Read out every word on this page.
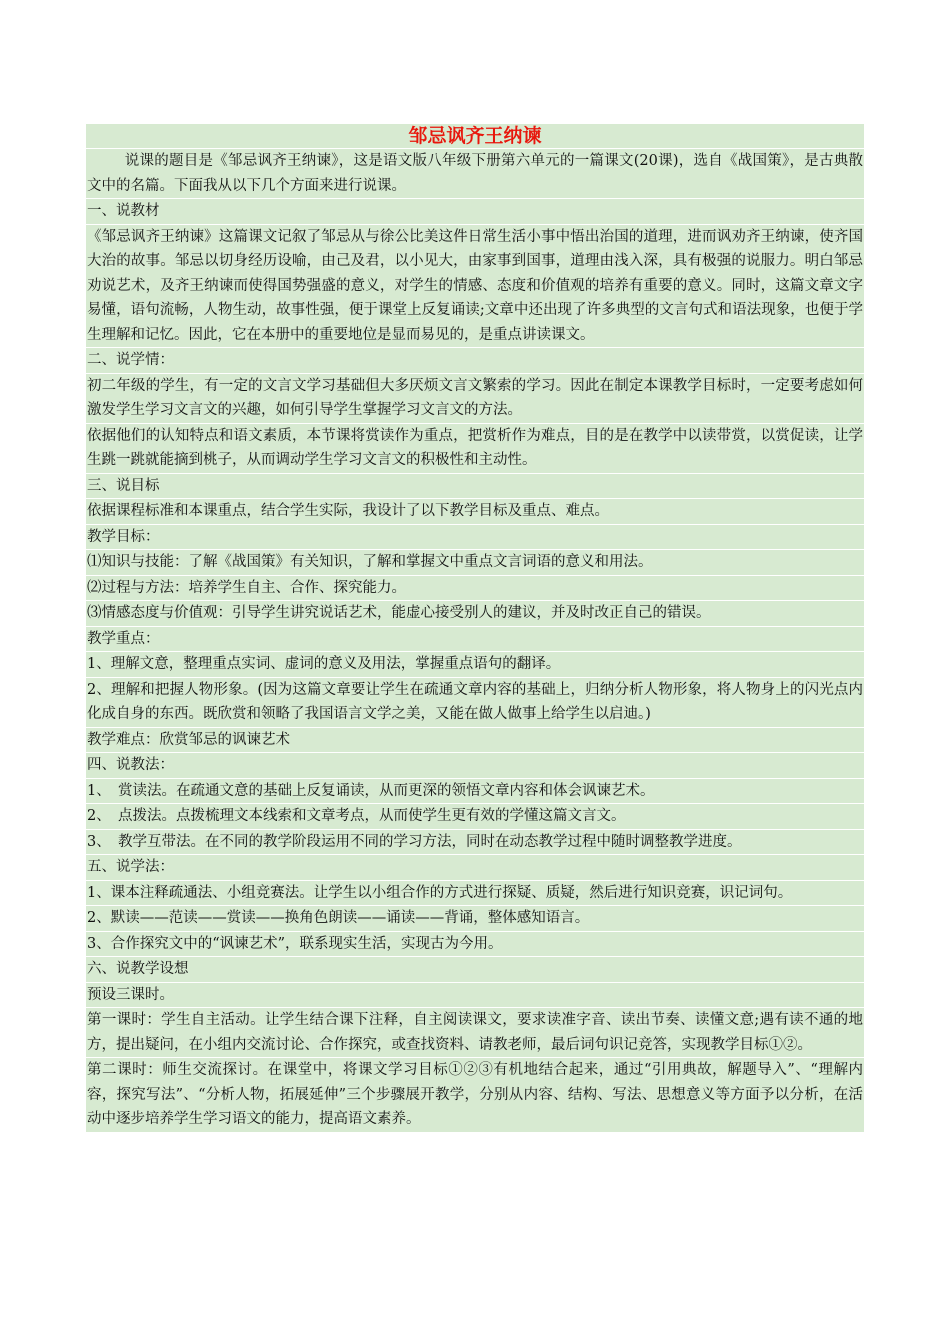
邹忌讽齐王纳谏
说课的题目是《邹忌讽齐王纳谏》，这是语文版八年级下册第六单元的一篇课文(20课)，选自《战国策》，是古典散文中的名篇。下面我从以下几个方面来进行说课。
一、说教材
《邹忌讽齐王纳谏》这篇课文记叙了邹忌从与徐公比美这件日常生活小事中悟出治国的道理，进而讽劝齐王纳谏，使齐国大治的故事。邹忌以切身经历设喻，由己及君，以小见大，由家事到国事，道理由浅入深，具有极强的说服力。明白邹忌劝说艺术，及齐王纳谏而使得国势强盛的意义，对学生的情感、态度和价值观的培养有重要的意义。同时，这篇文章文字易懂，语句流畅，人物生动，故事性强，便于课堂上反复诵读;文章中还出现了许多典型的文言句式和语法现象，也便于学生理解和记忆。因此，它在本册中的重要地位是显而易见的，是重点讲读课文。
二、说学情：
初二年级的学生，有一定的文言文学习基础但大多厌烦文言文繁索的学习。因此在制定本课教学目标时，一定要考虑如何激发学生学习文言文的兴趣，如何引导学生掌握学习文言文的方法。
依据他们的认知特点和语文素质，本节课将赏读作为重点，把赏析作为难点，目的是在教学中以读带赏，以赏促读，让学生跳一跳就能摘到桃子，从而调动学生学习文言文的积极性和主动性。
三、说目标
依据课程标准和本课重点，结合学生实际，我设计了以下教学目标及重点、难点。
教学目标：
⑴知识与技能：了解《战国策》有关知识，了解和掌握文中重点文言词语的意义和用法。
⑵过程与方法：培养学生自主、合作、探究能力。
⑶情感态度与价值观：引导学生讲究说话艺术，能虚心接受别人的建议，并及时改正自己的错误。
教学重点：
1、理解文意，整理重点实词、虚词的意义及用法，掌握重点语句的翻译。
2、理解和把握人物形象。(因为这篇文章要让学生在疏通文章内容的基础上，归纳分析人物形象，将人物身上的闪光点内化成自身的东西。既欣赏和领略了我国语言文学之美，又能在做人做事上给学生以启迪。)
教学难点：欣赏邹忌的讽谏艺术
四、说教法：
1、　赏读法。在疏通文意的基础上反复诵读，从而更深的领悟文章内容和体会讽谏艺术。
2、　点拨法。点拨梳理文本线索和文章考点，从而使学生更有效的学懂这篇文言文。
3、　教学互带法。在不同的教学阶段运用不同的学习方法，同时在动态教学过程中随时调整教学进度。
五、说学法：
1、课本注释疏通法、小组竞赛法。让学生以小组合作的方式进行探疑、质疑，然后进行知识竞赛，识记词句。
2、默读——范读——赏读——换角色朗读——诵读——背诵，整体感知语言。
3、合作探究文中的“讽谏艺术”，联系现实生活，实现古为今用。
六、说教学设想
预设三课时。
第一课时：学生自主活动。让学生结合课下注释，自主阅读课文，要求读准字音、读出节奏、读懂文意;遇有读不通的地方，提出疑问，在小组内交流讨论、合作探究，或查找资料、请教老师，最后词句识记竞答，实现教学目标①②。
第二课时：师生交流探讨。在课堂中，将课文学习目标①②③有机地结合起来，通过“引用典故，解题导入”、“理解内容，探究写法”、“分析人物，拓展延伸”三个步骤展开教学，分别从内容、结构、写法、思想意义等方面予以分析，在活动中逐步培养学生学习语文的能力，提高语文素养。
